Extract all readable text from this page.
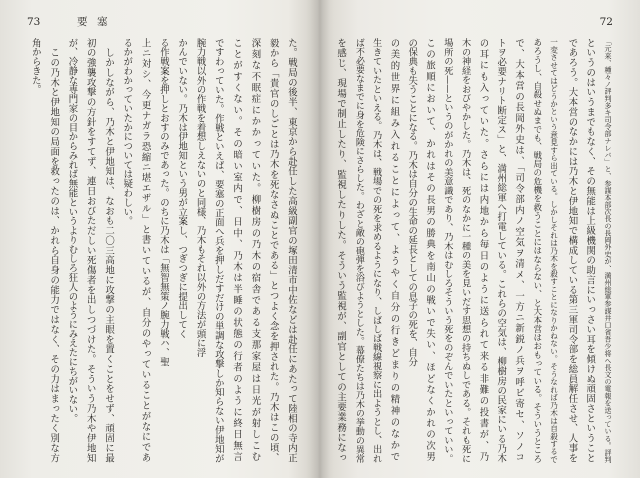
73	要塞
た。戦局の後半、東京から赴任した高級副官の塚田清市中佐などは赴任にあたって陸相の寺内正
毅から「貴官のしごとは乃木を死なさぬことである」とつよく念を押された。乃木はこの頃、
深刻な不眠症にかかっていた。柳樹房の乃木の宿舎である支那家屋は日光が射しこむ
ことがすくない。その暗い室内で、日中、乃木は半睡の状態の行者のように終日無言
ですわっていた。作戦といえば、要塞の正面へ兵を押しだすだけの単調な攻撃しか知らない伊地知が
腕力戦以外の作戦を着想しえないのと同様、乃木もそれ以外の方法が頭に浮
かんでいない。乃木は伊地知という男が立案し、つぎつぎに提出してく
る作戦案を押しとおすのみであった。のちに乃木は「無智無策ノ腕力戦ハ、聖
上ニ対シ、今更ナガラ恐縮ニ堪エザル」と書いているが、自分のやっていることがなにであ
るかがわかっていたかについては疑わしい。
　しかしながら、乃木と伊地知は、なおも二〇三高地に攻撃の主眼を置くことをせず、頑固に最
初の強襲攻撃の方針をすてず、連日おびただしい死傷者を出しつづけた。そういう乃木や伊地知
が、冷静な専門家の目からみれば無能というよりむしろ狂人のようにみえたにちがいない。
　この乃木と伊地知の局面を救ったのは、かれら自身の能力ではなく、その力はまったく別な方
角からきた。
72
「元来、種々ノ評判多キ司令部ナレバ」と、参謀本部次長の長岡外史が、満州総軍参謀井口省吾少将へ長文の電報を送っている。評判
というのはいうまでもなく、その無能は上級機関の助言にいっさい耳を傾けぬ頑固さということ
であろう。大本営のなかには乃木と伊地知で構成している第三軍司令部を総員解任させ、人事を
一変させてはどうかという意見すら出ている。しかしそれは乃木を殺すことになりかねない。そうなれば乃木は自殺するで
あろうし、自殺せぬまでも、戦局の危機を救うことにはならない、と大本営はおもっている。そういうところ
で、大本営の長岡外史は、「司令部内ノ空気ヲ清メ、一方ニ新鋭ノ兵ヲ呼ビ寄セ、ソノコ
トヲ必要ナリト断定ス」と、満州総軍へ打電している。これらの空気は、柳樹房の民家にいる乃木
の耳にも入っていた。さらには内地から毎日のように送られて来る非難の投書が、乃
木の神経をおびやかした。乃木は、死のなかに一種の美を見いだす思想の持ちぬしである。それも死に
場所の死——というのがかれの美意識であり、乃木はむしろそういう死をのぞんでいたといっていい。
この旅順において、かれはその長男の勝典を南山の戦いで失い、ほどなくかれの次男
の保典も失うことになる。乃木は自分の生命の延長としての息子の死を、自分
の美的世界に組み入れることによって、ようやく自分の行きどまりの精神のなかで
生きていたといえる。乃木は、戦場での死を求めるようになり、しばしば戦線視察に出ようとし、出れ
ば不必要なまでに身を危険にさらした。わざと敵の砲弾を浴びようとした。幕僚たちは乃木の挙動の異常
を感じ、現場で制止したり、監視したりした。そういう監視が、副官としての主要業務になっ
